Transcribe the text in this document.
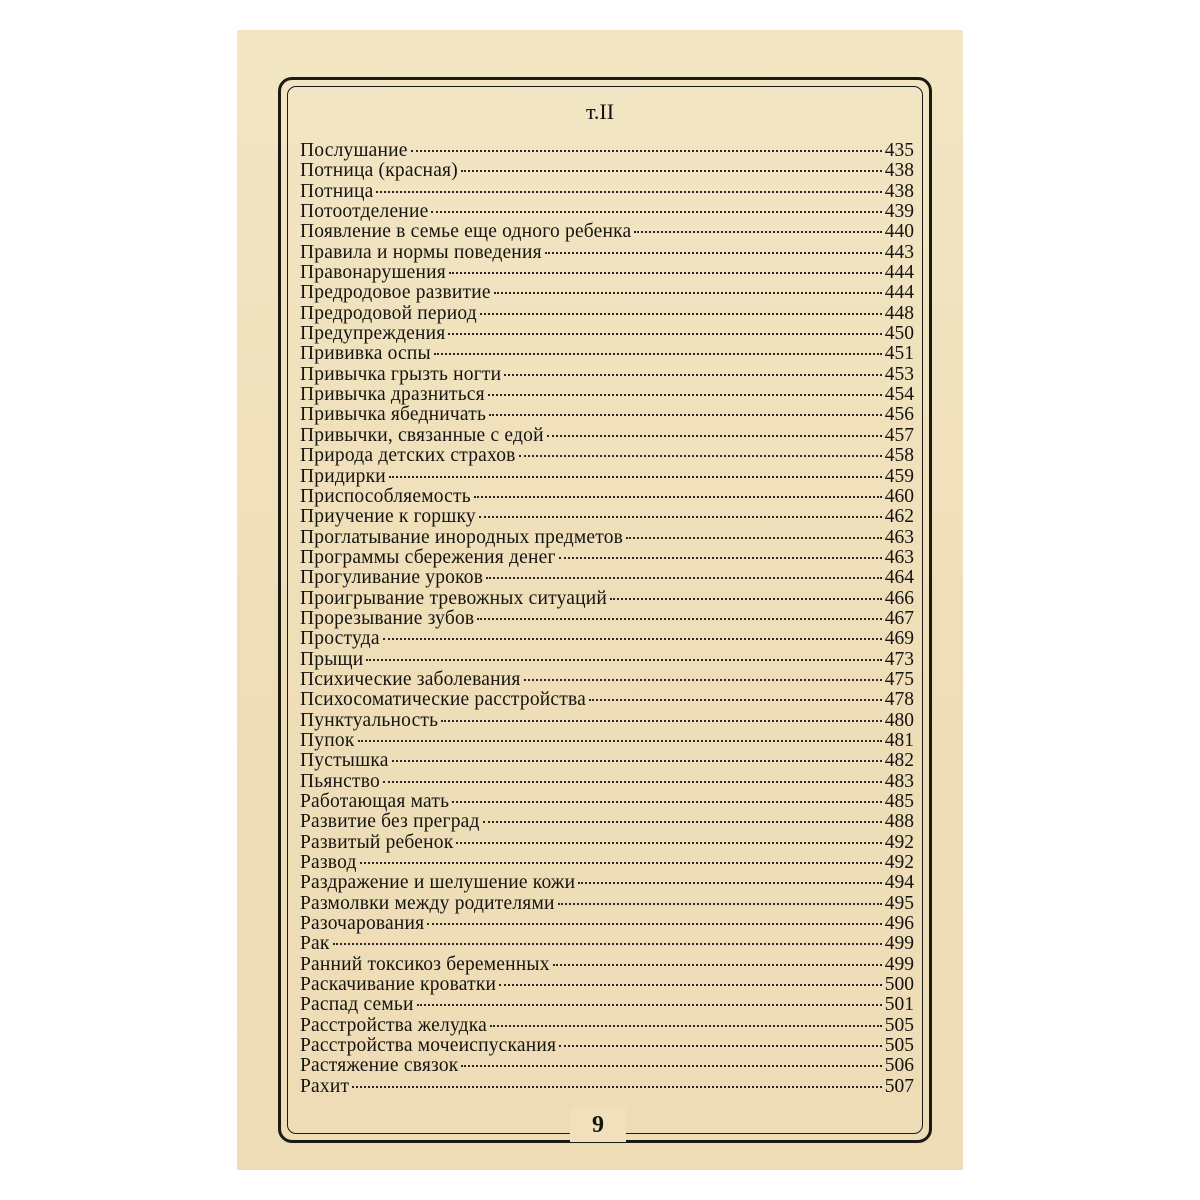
т.II
Послушание	435
Потница (красная)	438
Потница	438
Потоотделение	439
Появление в семье еще одного ребенка	440
Правила и нормы поведения	443
Правонарушения	444
Предродовое развитие	444
Предродовой период	448
Предупреждения	450
Прививка оспы	451
Привычка грызть ногти	453
Привычка дразниться	454
Привычка ябедничать	456
Привычки, связанные с едой	457
Природа детских страхов	458
Придирки	459
Приспособляемость	460
Приучение к горшку	462
Проглатывание инородных предметов	463
Программы сбережения денег	463
Прогуливание уроков	464
Проигрывание тревожных ситуаций	466
Прорезывание зубов	467
Простуда	469
Прыщи	473
Психические заболевания	475
Психосоматические расстройства	478
Пунктуальность	480
Пупок	481
Пустышка	482
Пьянство	483
Работающая мать	485
Развитие без преград	488
Развитый ребенок	492
Развод	492
Раздражение и шелушение кожи	494
Размолвки между родителями	495
Разочарования	496
Рак	499
Ранний токсикоз беременных	499
Раскачивание кроватки	500
Распад семьи	501
Расстройства желудка	505
Расстройства мочеиспускания	505
Растяжение связок	506
Рахит	507
9
